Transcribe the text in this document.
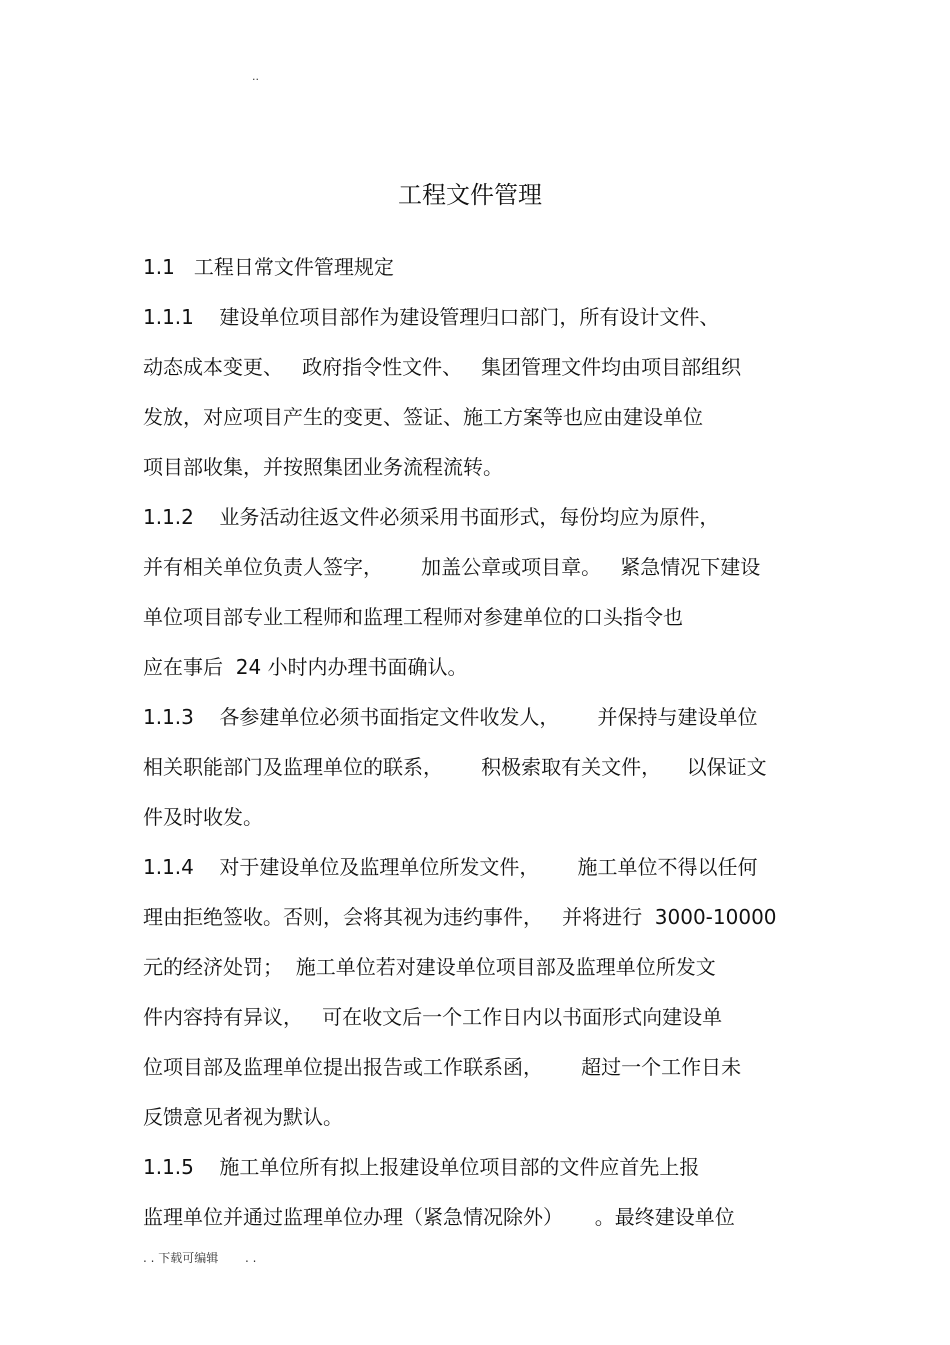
..
工程文件管理
1.1   工程日常文件管理规定
1.1.1    建设单位项目部作为建设管理归口部门，所有设计文件、
动态成本变更、   政府指令性文件、   集团管理文件均由项目部组织
发放，对应项目产生的变更、签证、施工方案等也应由建设单位
项目部收集，并按照集团业务流程流转。
1.1.2    业务活动往返文件必须采用书面形式，每份均应为原件，
并有相关单位负责人签字，      加盖公章或项目章。   紧急情况下建设
单位项目部专业工程师和监理工程师对参建单位的口头指令也
应在事后  24 小时内办理书面确认。
1.1.3    各参建单位必须书面指定文件收发人，      并保持与建设单位
相关职能部门及监理单位的联系，      积极索取有关文件，    以保证文
件及时收发。
1.1.4    对于建设单位及监理单位所发文件，      施工单位不得以任何
理由拒绝签收。否则，会将其视为违约事件，   并将进行  3000-10000
元的经济处罚；  施工单位若对建设单位项目部及监理单位所发文
件内容持有异议，   可在收文后一个工作日内以书面形式向建设单
位项目部及监理单位提出报告或工作联系函，      超过一个工作日未
反馈意见者视为默认。
1.1.5    施工单位所有拟上报建设单位项目部的文件应首先上报
监理单位并通过监理单位办理（紧急情况除外）     。最终建设单位
. . 下载可编辑       . .
